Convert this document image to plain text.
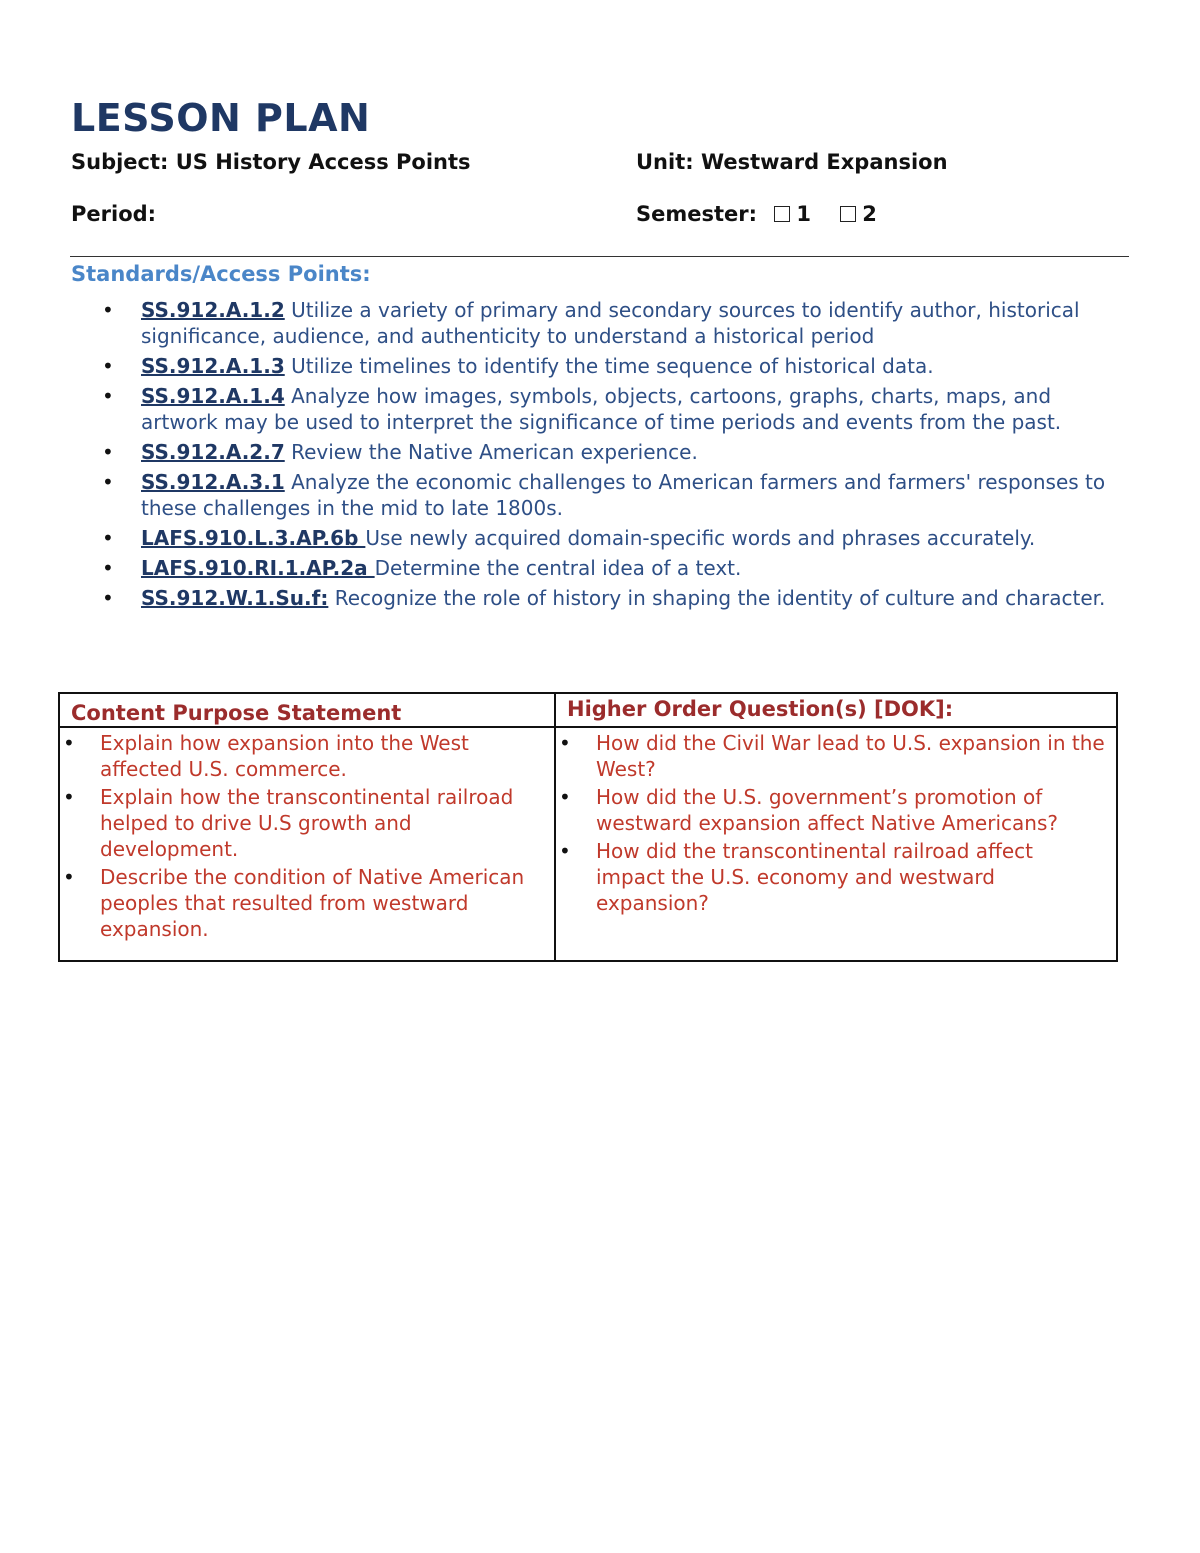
LESSON PLAN
Subject: US History Access Points	Unit: Westward Expansion
Period:	Semester: 1 2
Standards/Access Points:
• SS.912.A.1.2 Utilize a variety of primary and secondary sources to identify author, historical significance, audience, and authenticity to understand a historical period
• SS.912.A.1.3 Utilize timelines to identify the time sequence of historical data.
• SS.912.A.1.4 Analyze how images, symbols, objects, cartoons, graphs, charts, maps, and artwork may be used to interpret the significance of time periods and events from the past.
• SS.912.A.2.7 Review the Native American experience.
• SS.912.A.3.1 Analyze the economic challenges to American farmers and farmers' responses to these challenges in the mid to late 1800s.
• LAFS.910.L.3.AP.6b Use newly acquired domain-specific words and phrases accurately.
• LAFS.910.RI.1.AP.2a Determine the central idea of a text.
• SS.912.W.1.Su.f: Recognize the role of history in shaping the identity of culture and character.
Content Purpose Statement
• Explain how expansion into the West affected U.S. commerce.
• Explain how the transcontinental railroad helped to drive U.S growth and development.
• Describe the condition of Native American peoples that resulted from westward expansion.
Higher Order Question(s) [DOK]:
• How did the Civil War lead to U.S. expansion in the West?
• How did the U.S. government’s promotion of westward expansion affect Native Americans?
• How did the transcontinental railroad affect impact the U.S. economy and westward expansion?
